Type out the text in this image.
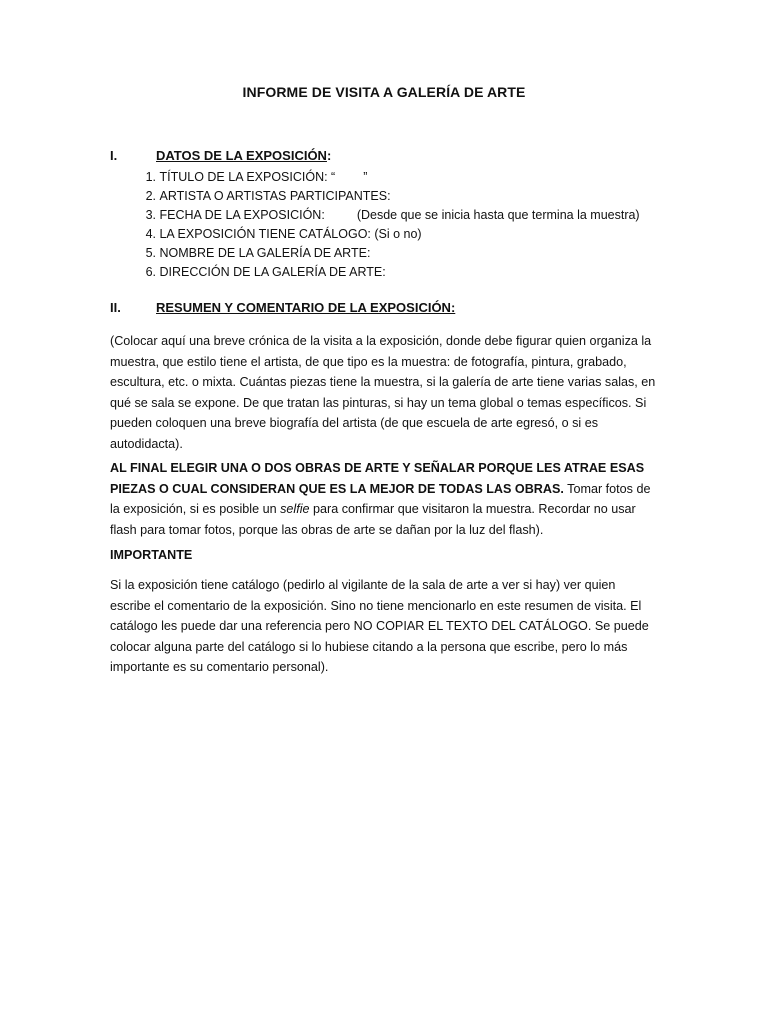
INFORME DE VISITA A GALERÍA DE ARTE
I.	DATOS DE LA EXPOSICIÓN:
1. TÍTULO DE LA EXPOSICIÓN: “ ”
2. ARTISTA O ARTISTAS PARTICIPANTES:
3. FECHA DE LA EXPOSICIÓN:	(Desde que se inicia hasta que termina la muestra)
4. LA EXPOSICIÓN TIENE CATÁLOGO: (Si o no)
5. NOMBRE DE LA GALERÍA DE ARTE:
6. DIRECCIÓN DE LA GALERÍA DE ARTE:
II.	RESUMEN Y COMENTARIO DE LA EXPOSICIÓN:

(Colocar aquí una breve crónica de la visita a la exposición, donde debe figurar quien organiza la muestra, que estilo tiene el artista, de que tipo es la muestra: de fotografía, pintura, grabado, escultura, etc. o mixta. Cuántas piezas tiene la muestra, si la galería de arte tiene varias salas, en qué se sala se expone. De que tratan las pinturas, si hay un tema global o temas específicos. Si pueden coloquen una breve biografía del artista (de que escuela de arte egresó, o si es autodidacta).

AL FINAL ELEGIR UNA O DOS OBRAS DE ARTE Y SEÑALAR PORQUE LES ATRAE ESAS PIEZAS O CUAL CONSIDERAN QUE ES LA MEJOR DE TODAS LAS OBRAS. Tomar fotos de la exposición, si es posible un selfie para confirmar que visitaron la muestra. Recordar no usar flash para tomar fotos, porque las obras de arte se dañan por la luz del flash).

IMPORTANTE

Si la exposición tiene catálogo (pedirlo al vigilante de la sala de arte a ver si hay) ver quien escribe el comentario de la exposición. Sino no tiene mencionarlo en este resumen de visita. El catálogo les puede dar una referencia pero NO COPIAR EL TEXTO DEL CATÁLOGO. Se puede colocar alguna parte del catálogo si lo hubiese citando a la persona que escribe, pero lo más importante es su comentario personal).
